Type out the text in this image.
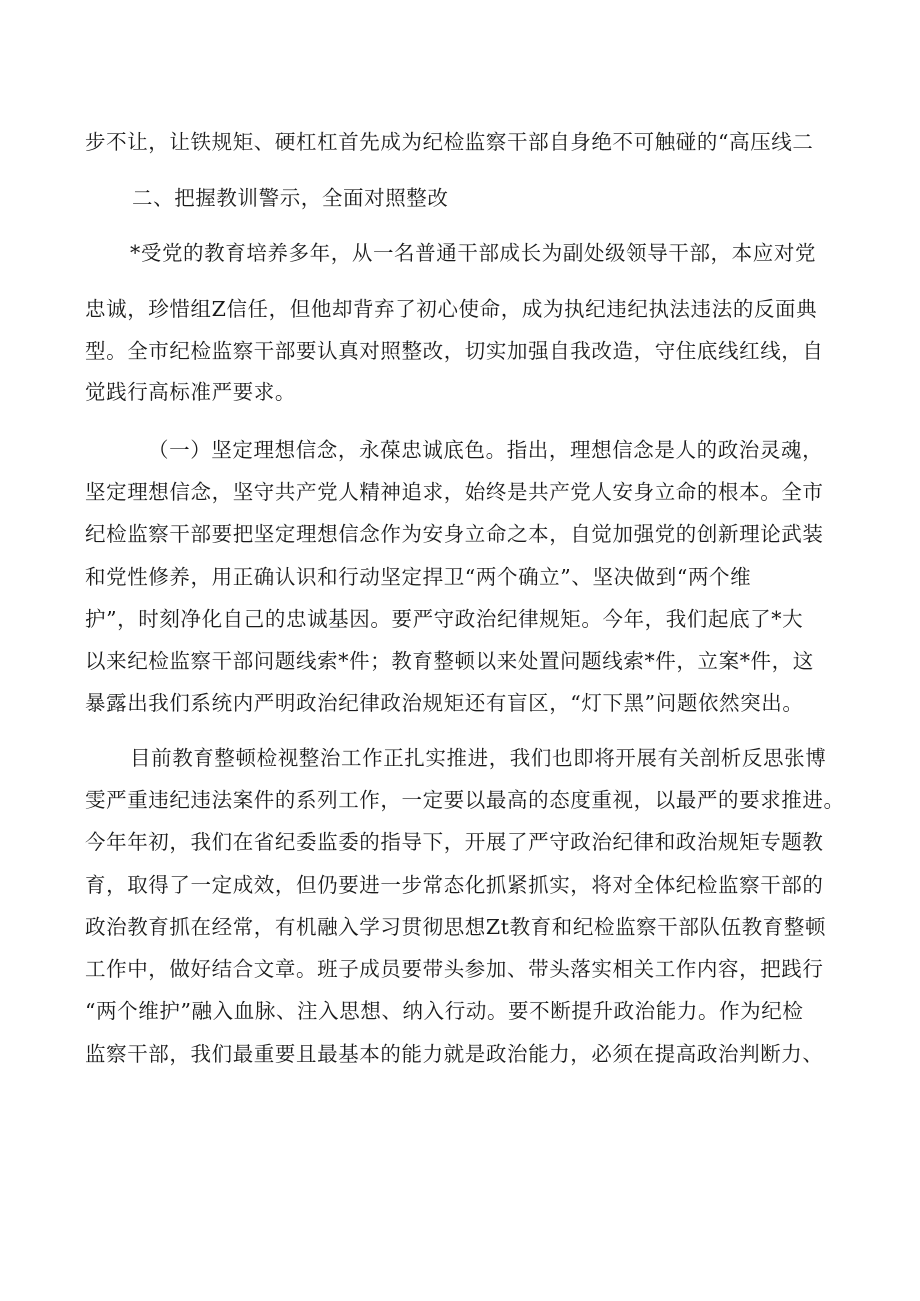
步不让，让铁规矩、硬杠杠首先成为纪检监察干部自身绝不可触碰的“高压线二
二、把握教训警示，全面对照整改
*受党的教育培养多年，从一名普通干部成长为副处级领导干部，本应对党
忠诚，珍惜组Z信任，但他却背弃了初心使命，成为执纪违纪执法违法的反面典
型。全市纪检监察干部要认真对照整改，切实加强自我改造，守住底线红线，自
觉践行高标准严要求。
（一）坚定理想信念，永葆忠诚底色。指出，理想信念是人的政治灵魂，
坚定理想信念，坚守共产党人精神追求，始终是共产党人安身立命的根本。全市
纪检监察干部要把坚定理想信念作为安身立命之本，自觉加强党的创新理论武装
和党性修养，用正确认识和行动坚定捍卫“两个确立”、坚决做到“两个维
护”，时刻净化自己的忠诚基因。要严守政治纪律规矩。今年，我们起底了*大
以来纪检监察干部问题线索*件；教育整顿以来处置问题线索*件，立案*件，这
暴露出我们系统内严明政治纪律政治规矩还有盲区，“灯下黑”问题依然突出。
目前教育整顿检视整治工作正扎实推进，我们也即将开展有关剖析反思张博
雯严重违纪违法案件的系列工作，一定要以最高的态度重视，以最严的要求推进。
今年年初，我们在省纪委监委的指导下，开展了严守政治纪律和政治规矩专题教
育，取得了一定成效，但仍要进一步常态化抓紧抓实，将对全体纪检监察干部的
政治教育抓在经常，有机融入学习贯彻思想Zt教育和纪检监察干部队伍教育整顿
工作中，做好结合文章。班子成员要带头参加、带头落实相关工作内容，把践行
“两个维护”融入血脉、注入思想、纳入行动。要不断提升政治能力。作为纪检
监察干部，我们最重要且最基本的能力就是政治能力，必须在提高政治判断力、
